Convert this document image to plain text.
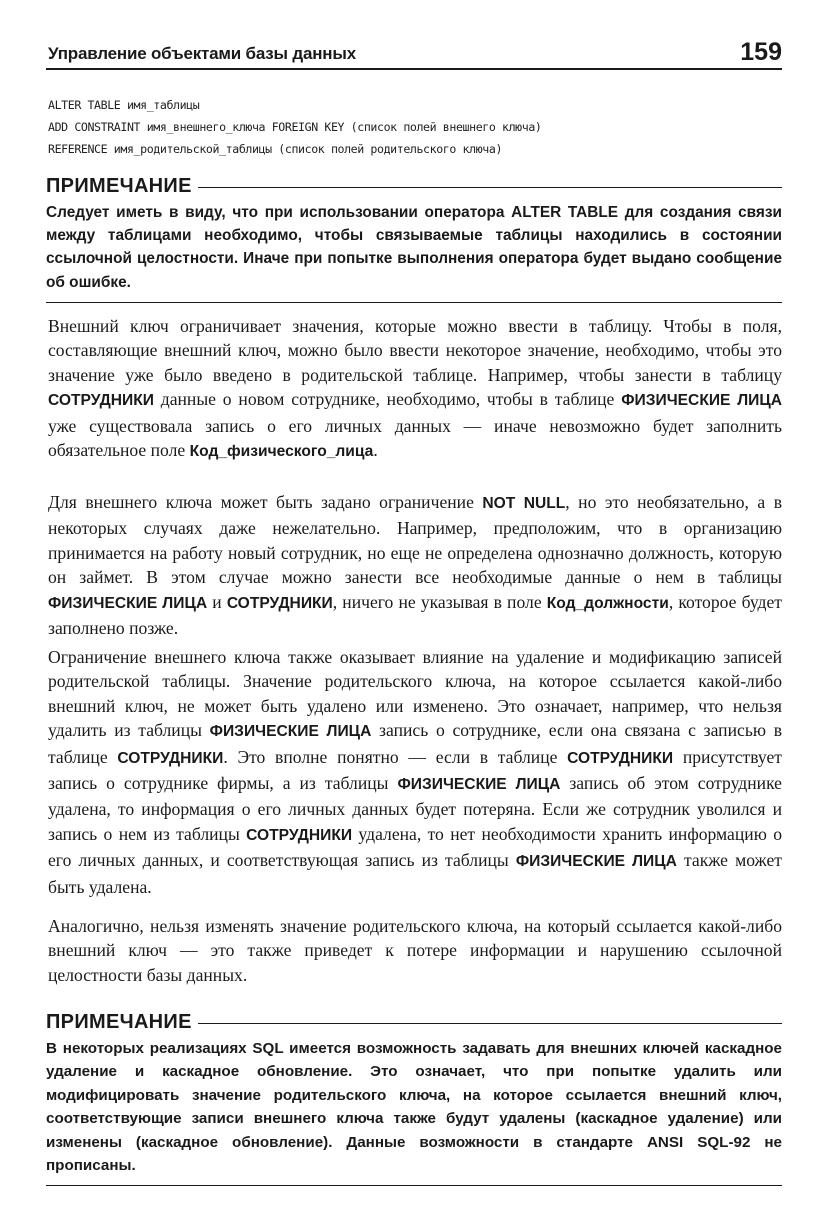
Управление объектами базы данных	159
ALTER TABLE имя_таблицы
ADD CONSTRAINT имя_внешнего_ключа FOREIGN KEY (список полей внешнего ключа)
REFERENCE имя_родительской_таблицы (список полей родительского ключа)
ПРИМЕЧАНИЕ
Следует иметь в виду, что при использовании оператора ALTER TABLE для создания связи между таблицами необходимо, чтобы связываемые таблицы находились в состоянии ссылочной целостности. Иначе при попытке выполнения оператора будет выдано сообщение об ошибке.
Внешний ключ ограничивает значения, которые можно ввести в таблицу. Чтобы в поля, составляющие внешний ключ, можно было ввести некоторое значение, необходимо, чтобы это значение уже было введено в родительской таблице. Например, чтобы занести в таблицу СОТРУДНИКИ данные о новом сотруднике, необходимо, чтобы в таблице ФИЗИЧЕСКИЕ ЛИЦА уже существовала запись о его личных данных — иначе невозможно будет заполнить обязательное поле Код_физического_лица.
Для внешнего ключа может быть задано ограничение NOT NULL, но это необязательно, а в некоторых случаях даже нежелательно. Например, предположим, что в организацию принимается на работу новый сотрудник, но еще не определена однозначно должность, которую он займет. В этом случае можно занести все необходимые данные о нем в таблицы ФИЗИЧЕСКИЕ ЛИЦА и СОТРУДНИКИ, ничего не указывая в поле Код_должности, которое будет заполнено позже.
Ограничение внешнего ключа также оказывает влияние на удаление и модификацию записей родительской таблицы. Значение родительского ключа, на которое ссылается какой-либо внешний ключ, не может быть удалено или изменено. Это означает, например, что нельзя удалить из таблицы ФИЗИЧЕСКИЕ ЛИЦА запись о сотруднике, если она связана с записью в таблице СОТРУДНИКИ. Это вполне понятно — если в таблице СОТРУДНИКИ присутствует запись о сотруднике фирмы, а из таблицы ФИЗИЧЕСКИЕ ЛИЦА запись об этом сотруднике удалена, то информация о его личных данных будет потеряна. Если же сотрудник уволился и запись о нем из таблицы СОТРУДНИКИ удалена, то нет необходимости хранить информацию о его личных данных, и соответствующая запись из таблицы ФИЗИЧЕСКИЕ ЛИЦА также может быть удалена.
Аналогично, нельзя изменять значение родительского ключа, на который ссылается какой-либо внешний ключ — это также приведет к потере информации и нарушению ссылочной целостности базы данных.
ПРИМЕЧАНИЕ
В некоторых реализациях SQL имеется возможность задавать для внешних ключей каскадное удаление и каскадное обновление. Это означает, что при попытке удалить или модифицировать значение родительского ключа, на которое ссылается внешний ключ, соответствующие записи внешнего ключа также будут удалены (каскадное удаление) или изменены (каскадное обновление). Данные возможности в стандарте ANSI SQL-92 не прописаны.
